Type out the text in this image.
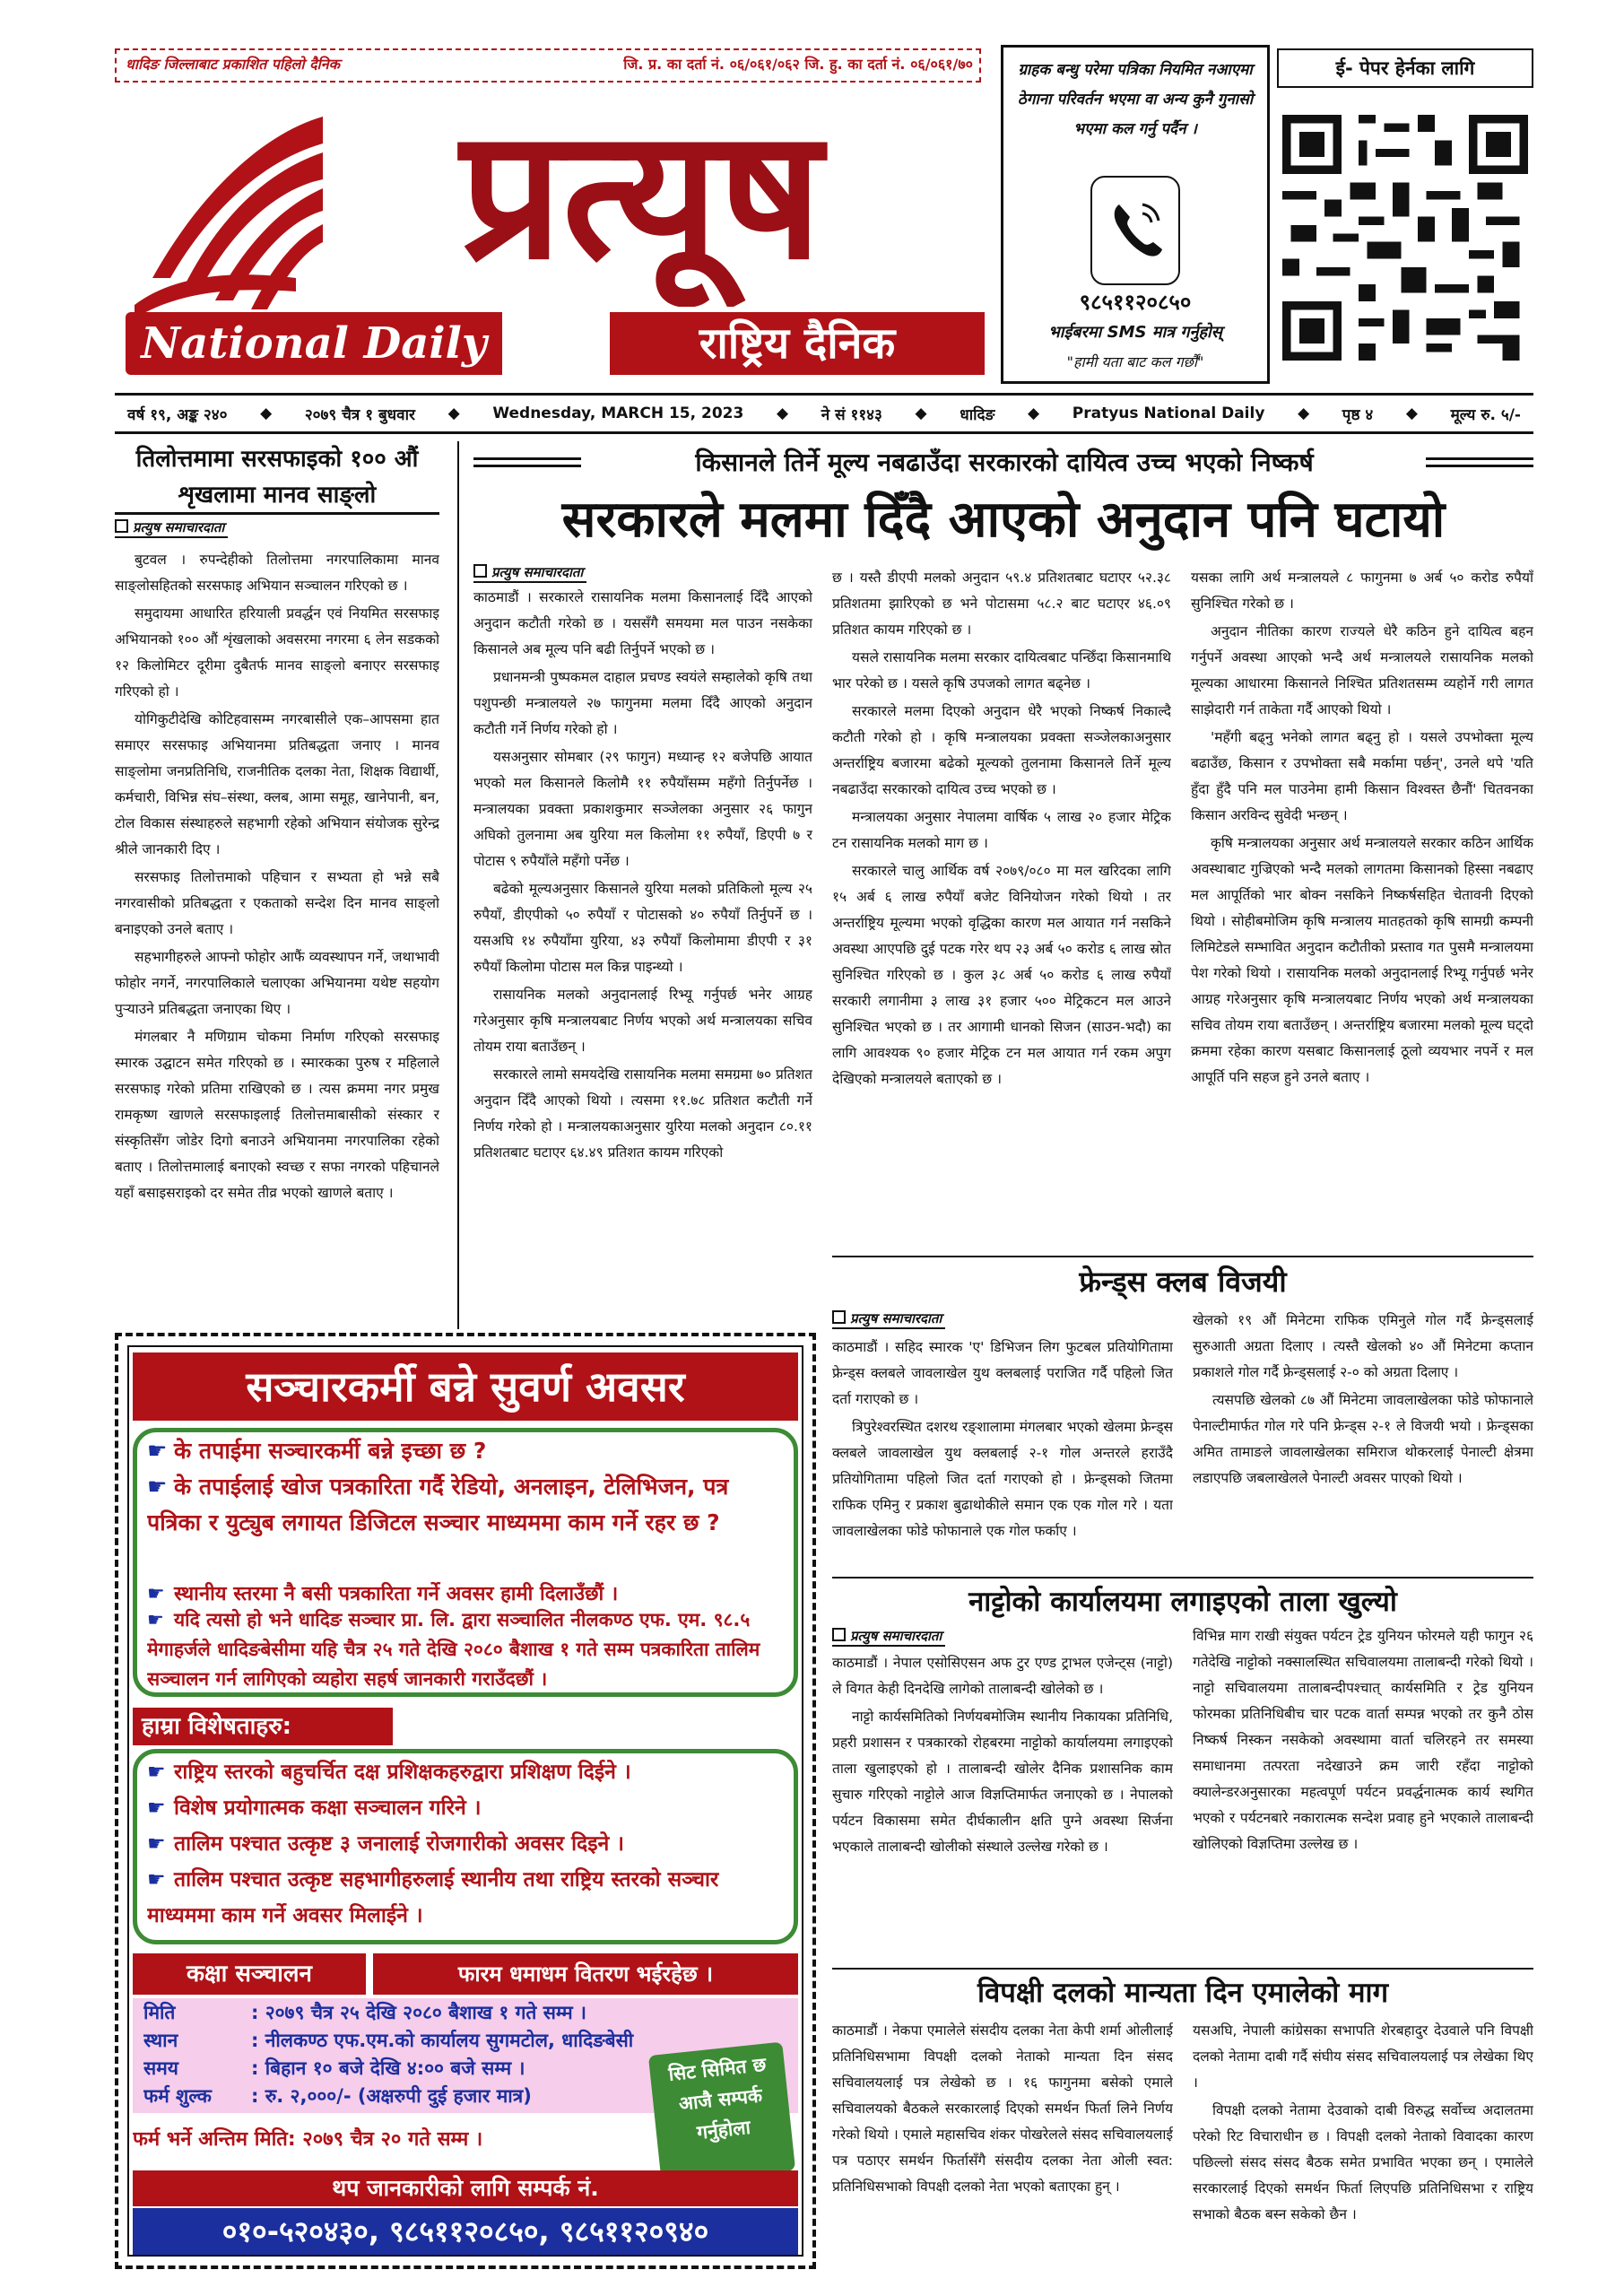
धादिङ जिल्लाबाट प्रकाशित पहिलो दैनिक	जि. प्र. का दर्ता नं. ०६/०६१/०६२ जि. हु. का दर्ता नं. ०६/०६१/७०
प्रत्यूष
National Daily	राष्ट्रिय दैनिक
ग्राहक बन्धु परेमा पत्रिका नियमित नआएमा ठेगाना परिवर्तन भएमा वा अन्य कुनै गुनासो भएमा कल गर्नु पर्दैन ।
९८५११२०८५०
भाईबरमा SMS मात्र गर्नुहोस्
"हामी यता बाट कल गर्छौं"
ई- पेपर हेर्नका लागि
वर्ष १९, अङ्क २४० ◆ २०७९ चैत्र १ बुधवार ◆ Wednesday, MARCH 15, 2023 ◆ ने सं ११४३ ◆ धादिङ ◆ Pratyus National Daily ◆ पृष्ठ ४ ◆ मूल्य रु. ५/-
तिलोत्तमामा सरसफाइको १०० औं शृखलामा मानव साङ्लो
प्रत्युष समाचारदाता

बुटवल । रुपन्देहीको तिलोत्तमा नगरपालिकामा मानव साङ्लोसहितको सरसफाइ अभियान सञ्चालन गरिएको छ ।

समुदायमा आधारित हरियाली प्रवर्द्धन एवं नियमित सरसफाइ अभियानको १०० औं शृंखलाको अवसरमा नगरमा ६ लेन सडकको १२ किलोमिटर दूरीमा दुबैतर्फ मानव साङ्लो बनाएर सरसफाइ गरिएको हो ।

योगिकुटीदेखि कोटिहवासम्म नगरबासीले एक–आपसमा हात समाएर सरसफाइ अभियानमा प्रतिबद्धता जनाए । मानव साङ्लोमा जनप्रतिनिधि, राजनीतिक दलका नेता, शिक्षक विद्यार्थी, कर्मचारी, विभिन्न संघ–संस्था, क्लब, आमा समूह, खानेपानी, बन, टोल विकास संस्थाहरुले सहभागी रहेको अभियान संयोजक सुरेन्द्र श्रीले जानकारी दिए ।

सरसफाइ तिलोत्तमाको पहिचान र सभ्यता हो भन्ने सबै नगरवासीको प्रतिबद्धता र एकताको सन्देश दिन मानव साङ्लो बनाइएको उनले बताए ।

सहभागीहरुले आफ्नो फोहोर आफैं व्यवस्थापन गर्ने, जथाभावी फोहोर नगर्ने, नगरपालिकाले चलाएका अभियानमा यथेष्ट सहयोग पुऱ्याउने प्रतिबद्धता जनाएका थिए ।

मंगलबार नै मणिग्राम चोकमा निर्माण गरिएको सरसफाइ स्मारक उद्घाटन समेत गरिएको छ । स्मारकका पुरुष र महिलाले सरसफाइ गरेको प्रतिमा राखिएको छ । त्यस क्रममा नगर प्रमुख रामकृष्ण खाणले सरसफाइलाई तिलोत्तमाबासीको संस्कार र संस्कृतिसँग जोडेर दिगो बनाउने अभियानमा नगरपालिका रहेको बताए । तिलोत्तमालाई बनाएको स्वच्छ र सफा नगरको पहिचानले यहाँ बसाइसराइको दर समेत तीव्र भएको खाणले बताए ।

किसानले तिर्ने मूल्य नबढाउँदा सरकारको दायित्व उच्च भएको निष्कर्ष
सरकारले मलमा दिँदै आएको अनुदान पनि घटायो
प्रत्युष समाचारदाता

काठमाडौं । सरकारले रासायनिक मलमा किसानलाई दिँदै आएको अनुदान कटौती गरेको छ । यससँगै समयमा मल पाउन नसकेका किसानले अब मूल्य पनि बढी तिर्नुपर्ने भएको छ ।

प्रधानमन्त्री पुष्पकमल दाहाल प्रचण्ड स्वयंले सम्हालेको कृषि तथा पशुपन्छी मन्त्रालयले २७ फागुनमा मलमा दिँदै आएको अनुदान कटौती गर्ने निर्णय गरेको हो ।

यसअनुसार सोमबार (२९ फागुन) मध्यान्ह १२ बजेपछि आयात भएको मल किसानले किलोमै ११ रुपैयाँसम्म महँगो तिर्नुपर्नेछ । मन्त्रालयका प्रवक्ता प्रकाशकुमार सञ्जेलका अनुसार २६ फागुन अघिको तुलनामा अब युरिया मल किलोमा ११ रुपैयाँ, डिएपी ७ र पोटास ९ रुपैयाँले महँगो पर्नेछ ।

बढेको मूल्यअनुसार किसानले युरिया मलको प्रतिकिलो मूल्य २५ रुपैयाँ, डीएपीको ५० रुपैयाँ र पोटासको ४० रुपैयाँ तिर्नुपर्ने छ । यसअघि १४ रुपैयाँमा युरिया, ४३ रुपैयाँ किलोमामा डीएपी र ३१ रुपैयाँ किलोमा पोटास मल किन्न पाइन्थ्यो ।

रासायनिक मलको अनुदानलाई रिभ्यू गर्नुपर्छ भनेर आग्रह गरेअनुसार कृषि मन्त्रालयबाट निर्णय भएको अर्थ मन्त्रालयका सचिव तोयम राया बताउँछन् ।

सरकारले लामो समयदेखि रासायनिक मलमा समग्रमा ७० प्रतिशत अनुदान दिँदै आएको थियो । त्यसमा ११.७८ प्रतिशत कटौती गर्ने निर्णय गरेको हो । मन्त्रालयकाअनुसार युरिया मलको अनुदान ८०.११ प्रतिशतबाट घटाएर ६४.४९ प्रतिशत कायम गरिएको

छ । यस्तै डीएपी मलको अनुदान ५९.४ प्रतिशतबाट घटाएर ५२.३८ प्रतिशतमा झारिएको छ भने पोटासमा ५८.२ बाट घटाएर ४६.०९ प्रतिशत कायम गरिएको छ ।

यसले रासायनिक मलमा सरकार दायित्वबाट पन्छिँदा किसानमाथि भार परेको छ । यसले कृषि उपजको लागत बढ्नेछ ।

सरकारले मलमा दिएको अनुदान धेरै भएको निष्कर्ष निकाल्दै कटौती गरेको हो । कृषि मन्त्रालयका प्रवक्ता सञ्जेलकाअनुसार अन्तर्राष्ट्रिय बजारमा बढेको मूल्यको तुलनामा किसानले तिर्ने मूल्य नबढाउँदा सरकारको दायित्व उच्च भएको छ ।

मन्त्रालयका अनुसार नेपालमा वार्षिक ५ लाख २० हजार मेट्रिक टन रासायनिक मलको माग छ ।

सरकारले चालु आर्थिक वर्ष २०७९/०८० मा मल खरिदका लागि १५ अर्ब ६ लाख रुपैयाँ बजेट विनियोजन गरेको थियो । तर अन्तर्राष्ट्रिय मूल्यमा भएको वृद्धिका कारण मल आयात गर्न नसकिने अवस्था आएपछि दुई पटक गरेर थप २३ अर्ब ५० करोड ६ लाख स्रोत सुनिश्चित गरिएको छ । कुल ३८ अर्ब ५० करोड ६ लाख रुपैयाँ सरकारी लगानीमा ३ लाख ३१ हजार ५०० मेट्रिकटन मल आउने सुनिश्चित भएको छ । तर आगामी धानको सिजन (साउन-भदौ) का लागि आवश्यक ९० हजार मेट्रिक टन मल आयात गर्न रकम अपुग देखिएको मन्त्रालयले बताएको छ ।

यसका लागि अर्थ मन्त्रालयले ८ फागुनमा ७ अर्ब ५० करोड रुपैयाँ सुनिश्चित गरेको छ ।

अनुदान नीतिका कारण राज्यले धेरै कठिन हुने दायित्व बहन गर्नुपर्ने अवस्था आएको भन्दै अर्थ मन्त्रालयले रासायनिक मलको मूल्यका आधारमा किसानले निश्चित प्रतिशतसम्म व्यहोर्ने गरी लागत साझेदारी गर्न ताकेता गर्दै आएको थियो ।

'महँगी बढ्नु भनेको लागत बढ्नु हो । यसले उपभोक्ता मूल्य बढाउँछ, किसान र उपभोक्ता सबै मर्कामा पर्छन्', उनले थपे 'यति हुँदा हुँदै पनि मल पाउनेमा हामी किसान विश्वस्त छैनौं' चितवनका किसान अरविन्द सुवेदी भन्छन् ।

कृषि मन्त्रालयका अनुसार अर्थ मन्त्रालयले सरकार कठिन आर्थिक अवस्थाबाट गुज्रिएको भन्दै मलको लागतमा किसानको हिस्सा नबढाए मल आपूर्तिको भार बोक्न नसकिने निष्कर्षसहित चेतावनी दिएको थियो । सोहीबमोजिम कृषि मन्त्रालय मातहतको कृषि सामग्री कम्पनी लिमिटेडले सम्भावित अनुदान कटौतीको प्रस्ताव गत पुसमै मन्त्रालयमा पेश गरेको थियो । रासायनिक मलको अनुदानलाई रिभ्यू गर्नुपर्छ भनेर आग्रह गरेअनुसार कृषि मन्त्रालयबाट निर्णय भएको अर्थ मन्त्रालयका सचिव तोयम राया बताउँछन् । अन्तर्राष्ट्रिय बजारमा मलको मूल्य घट्दो क्रममा रहेका कारण यसबाट किसानलाई ठूलो व्ययभार नपर्ने र मल आपूर्ति पनि सहज हुने उनले बताए ।

फ्रेन्ड्स क्लब विजयी
प्रत्युष समाचारदाता

काठमाडौं । सहिद स्मारक 'ए' डिभिजन लिग फुटबल प्रतियोगितामा फ्रेन्ड्स क्लबले जावलाखेल युथ क्लबलाई पराजित गर्दै पहिलो जित दर्ता गराएको छ ।

त्रिपुरेश्वरस्थित दशरथ रङ्शालामा मंगलबार भएको खेलमा फ्रेन्ड्स क्लबले जावलाखेल युथ क्लबलाई २-१ गोल अन्तरले हराउँदै प्रतियोगितामा पहिलो जित दर्ता गराएको हो । फ्रेन्ड्सको जितमा राफिक एमिनु र प्रकाश बुढाथोकीले समान एक एक गोल गरे । यता जावलाखेलका फोडे फोफानाले एक गोल फर्काए ।

खेलको १९ औं मिनेटमा राफिक एमिनुले गोल गर्दै फ्रेन्ड्सलाई सुरुआती अग्रता दिलाए । त्यस्तै खेलको ४० औं मिनेटमा कप्तान प्रकाशले गोल गर्दै फ्रेन्ड्सलाई २-० को अग्रता दिलाए ।

त्यसपछि खेलको ८७ औं मिनेटमा जावलाखेलका फोडे फोफानाले पेनाल्टीमार्फत गोल गरे पनि फ्रेन्ड्स २-१ ले विजयी भयो । फ्रेन्ड्सका अमित तामाङले जावलाखेलका समिराज थोकरलाई पेनाल्टी क्षेत्रमा लडाएपछि जबलाखेलले पेनाल्टी अवसर पाएको थियो ।

नाट्टोको कार्यालयमा लगाइएको ताला खुल्यो
प्रत्युष समाचारदाता

काठमाडौं । नेपाल एसोसिएसन अफ टुर एण्ड ट्राभल एजेन्ट्स (नाट्टो) ले विगत केही दिनदेखि लागेको तालाबन्दी खोलेको छ ।

नाट्टो कार्यसमितिको निर्णयबमोजिम स्थानीय निकायका प्रतिनिधि, प्रहरी प्रशासन र पत्रकारको रोहबरमा नाट्टोको कार्यालयमा लगाइएको ताला खुलाइएको हो । तालाबन्दी खोलेर दैनिक प्रशासनिक काम सुचारु गरिएको नाट्टोले आज विज्ञप्तिमार्फत जनाएको छ । नेपालको पर्यटन विकासमा समेत दीर्घकालीन क्षति पुग्ने अवस्था सिर्जना भएकाले तालाबन्दी खोलीको संस्थाले उल्लेख गरेको छ ।

विभिन्न माग राखी संयुक्त पर्यटन ट्रेड युनियन फोरमले यही फागुन २६ गतेदेखि नाट्टोको नक्सालस्थित सचिवालयमा तालाबन्दी गरेको थियो । नाट्टो सचिवालयमा तालाबन्दीपश्चात् कार्यसमिति र ट्रेड युनियन फोरमका प्रतिनिधिबीच चार पटक वार्ता सम्पन्न भएको तर कुनै ठोस निष्कर्ष निस्कन नसकेको अवस्थामा वार्ता चलिरहने तर समस्या समाधानमा तत्परता नदेखाउने क्रम जारी रहँदा नाट्टोको क्यालेन्डरअनुसारका महत्वपूर्ण पर्यटन प्रवर्द्धनात्मक कार्य स्थगित भएको र पर्यटनबारे नकारात्मक सन्देश प्रवाह हुने भएकाले तालाबन्दी खोलिएको विज्ञप्तिमा उल्लेख छ ।

विपक्षी दलको मान्यता दिन एमालेको माग

काठमाडौं । नेकपा एमालेले संसदीय दलका नेता केपी शर्मा ओलीलाई प्रतिनिधिसभामा विपक्षी दलको नेताको मान्यता दिन संसद सचिवालयलाई पत्र लेखेको छ । १६ फागुनमा बसेको एमाले सचिवालयको बैठकले सरकारलाई दिएको समर्थन फिर्ता लिने निर्णय गरेको थियो । एमाले महासचिव शंकर पोखरेलले संसद सचिवालयलाई पत्र पठाएर समर्थन फिर्तासँगै संसदीय दलका नेता ओली स्वत: प्रतिनिधिसभाको विपक्षी दलको नेता भएको बताएका हुन् ।

यसअघि, नेपाली कांग्रेसका सभापति शेरबहादुर देउवाले पनि विपक्षी दलको नेतामा दाबी गर्दै संघीय संसद सचिवालयलाई पत्र लेखेका थिए ।

विपक्षी दलको नेतामा देउवाको दाबी विरुद्ध सर्वोच्च अदालतमा परेको रिट विचाराधीन छ । विपक्षी दलको नेताको विवादका कारण पछिल्लो संसद संसद बैठक समेत प्रभावित भएका छन् । एमालेले सरकारलाई दिएको समर्थन फिर्ता लिएपछि प्रतिनिधिसभा र राष्ट्रिय सभाको बैठक बस्न सकेको छैन ।

सञ्चारकर्मी बन्ने सुवर्ण अवसर
☛ के तपाईमा सञ्चारकर्मी बन्ने इच्छा छ ?
☛ के तपाईलाई खोज पत्रकारिता गर्दै रेडियो, अनलाइन, टेलिभिजन, पत्र पत्रिका र युट्युब लगायत डिजिटल सञ्चार माध्यममा काम गर्ने रहर छ ?
☛ स्थानीय स्तरमा नै बसी पत्रकारिता गर्ने अवसर हामी दिलाउँछौं ।
☛ यदि त्यसो हो भने धादिङ सञ्चार प्रा. लि. द्वारा सञ्चालित नीलकण्ठ एफ. एम. ९८.५ मेगाहर्जले धादिङबेसीमा यहि चैत्र २५ गते देखि २०८० बैशाख १ गते सम्म पत्रकारिता तालिम सञ्चालन गर्न लागिएको व्यहोरा सहर्ष जानकारी गराउँदछौं ।
हाम्रा विशेषताहरु:
☛ राष्ट्रिय स्तरको बहुचर्चित दक्ष प्रशिक्षकहरुद्वारा प्रशिक्षण दिईने ।
☛ विशेष प्रयोगात्मक कक्षा सञ्चालन गरिने ।
☛ तालिम पश्चात उत्कृष्ट ३ जनालाई रोजगारीको अवसर दिइने ।
☛ तालिम पश्चात उत्कृष्ट सहभागीहरुलाई स्थानीय तथा राष्ट्रिय स्तरको सञ्चार माध्यममा काम गर्ने अवसर मिलाईने ।
कक्षा सञ्चालन	फारम धमाधम वितरण भईरहेछ ।
मिति	: २०७९ चैत्र २५ देखि २०८० बैशाख १ गते सम्म ।
स्थान	: नीलकण्ठ एफ.एम.को कार्यालय सुगमटोल, धादिङबेसी
समय	: बिहान १० बजे देखि ४:०० बजे सम्म ।
फर्म शुल्क : रु. २,०००/- (अक्षरुपी दुई हजार मात्र)
सिट सिमित छ आजै सम्पर्क गर्नुहोला
फर्म भर्ने अन्तिम मिति: २०७९ चैत्र २० गते सम्म ।
थप जानकारीको लागि सम्पर्क नं.
०१०-५२०४३०, ९८५११२०८५०, ९८५११२०९४०
